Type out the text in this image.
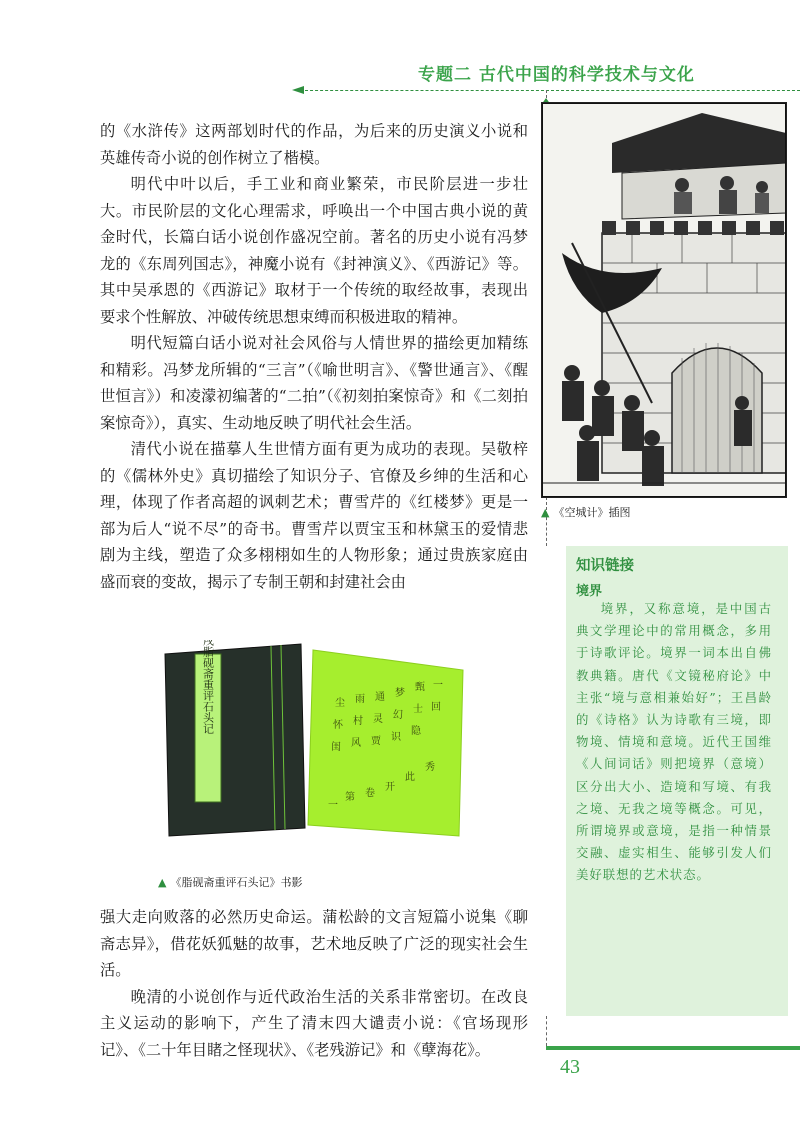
专题二 古代中国的科学技术与文化

的《水浒传》这两部划时代的作品，为后来的历史演义小说和英雄传奇小说的创作树立了楷模。

明代中叶以后，手工业和商业繁荣，市民阶层进一步壮大。市民阶层的文化心理需求，呼唤出一个中国古典小说的黄金时代，长篇白话小说创作盛况空前。著名的历史小说有冯梦龙的《东周列国志》，神魔小说有《封神演义》、《西游记》等。其中吴承恩的《西游记》取材于一个传统的取经故事，表现出要求个性解放、冲破传统思想束缚而积极进取的精神。

明代短篇白话小说对社会风俗与人情世界的描绘更加精练和精彩。冯梦龙所辑的“三言”（《喻世明言》、《警世通言》、《醒世恒言》）和凌濛初编著的“二拍”（《初刻拍案惊奇》和《二刻拍案惊奇》），真实、生动地反映了明代社会生活。

清代小说在描摹人生世情方面有更为成功的表现。吴敬梓的《儒林外史》真切描绘了知识分子、官僚及乡绅的生活和心理，体现了作者高超的讽刺艺术；曹雪芹的《红楼梦》更是一部为后人“说不尽”的奇书。曹雪芹以贾宝玉和林黛玉的爱情悲剧为主线，塑造了众多栩栩如生的人物形象；通过贵族家庭由盛而衰的变故，揭示了专制王朝和封建社会由

▲ 《空城计》插图
一
回
甄
士
隐
梦
幻
识
通
灵
贾
雨
村
风
尘
怀
闺
秀
此
开
卷
第
一
乾隆甲戌脂砚斋重评石头记
▲ 《脂砚斋重评石头记》书影

强大走向败落的必然历史命运。蒲松龄的文言短篇小说集《聊斋志异》，借花妖狐魅的故事，艺术地反映了广泛的现实社会生活。

晚清的小说创作与近代政治生活的关系非常密切。在改良主义运动的影响下，产生了清末四大谴责小说：《官场现形记》、《二十年目睹之怪现状》、《老残游记》和《孽海花》。

知识链接
境界

境界，又称意境，是中国古典文学理论中的常用概念，多用于诗歌评论。境界一词本出自佛教典籍。唐代《文镜秘府论》中主张“境与意相兼始好”；王昌龄的《诗格》认为诗歌有三境，即物境、情境和意境。近代王国维《人间词话》则把境界（意境）区分出大小、造境和写境、有我之境、无我之境等概念。可见，所谓境界或意境，是指一种情景交融、虚实相生、能够引发人们美好联想的艺术状态。

43
